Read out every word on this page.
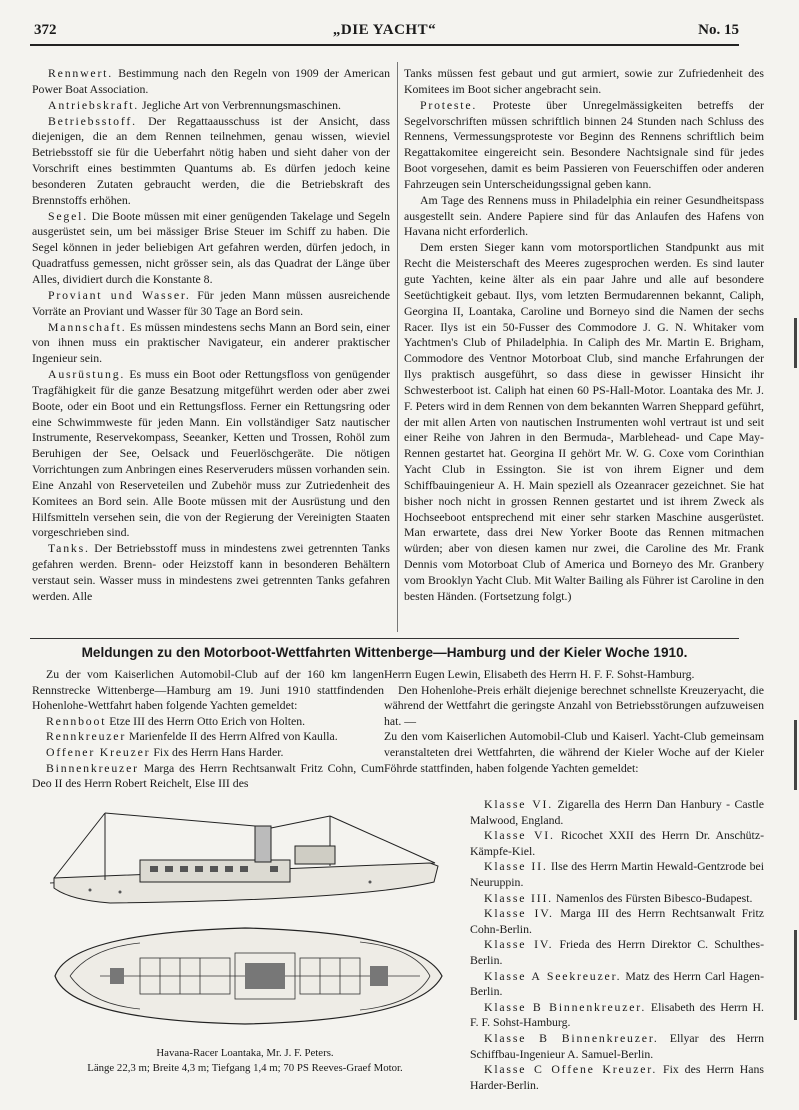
372	„DIE YACHT“	No. 15

Rennwert. Bestimmung nach den Regeln von 1909 der American Power Boat Association.

Antriebskraft. Jegliche Art von Verbrennungsmaschinen.

Betriebsstoff. Der Regattaausschuss ist der Ansicht, dass diejenigen, die an dem Rennen teilnehmen, genau wissen, wieviel Betriebsstoff sie für die Ueberfahrt nötig haben und sieht daher von der Vorschrift eines bestimmten Quantums ab. Es dürfen jedoch keine besonderen Zutaten gebraucht werden, die die Betriebskraft des Brennstoffs erhöhen.

Segel. Die Boote müssen mit einer genügenden Takelage und Segeln ausgerüstet sein, um bei mässiger Brise Steuer im Schiff zu haben. Die Segel können in jeder beliebigen Art gefahren werden, dürfen jedoch, in Quadratfuss gemessen, nicht grösser sein, als das Quadrat der Länge über Alles, dividiert durch die Konstante 8.

Proviant und Wasser. Für jeden Mann müssen ausreichende Vorräte an Proviant und Wasser für 30 Tage an Bord sein.

Mannschaft. Es müssen mindestens sechs Mann an Bord sein, einer von ihnen muss ein praktischer Navigateur, ein anderer praktischer Ingenieur sein.

Ausrüstung. Es muss ein Boot oder Rettungsfloss von genügender Tragfähigkeit für die ganze Besatzung mitgeführt werden oder aber zwei Boote, oder ein Boot und ein Rettungsfloss. Ferner ein Rettungsring oder eine Schwimmweste für jeden Mann. Ein vollständiger Satz nautischer Instrumente, Reservekompass, Seeanker, Ketten und Trossen, Rohöl zum Beruhigen der See, Oelsack und Feuerlöschgeräte. Die nötigen Vorrichtungen zum Anbringen eines Reserveruders müssen vorhanden sein. Eine Anzahl von Reserveteilen und Zubehör muss zur Zutriedenheit des Komitees an Bord sein. Alle Boote müssen mit der Ausrüstung und den Hilfsmitteln versehen sein, die von der Regierung der Vereinigten Staaten vorgeschrieben sind.

Tanks. Der Betriebsstoff muss in mindestens zwei getrennten Tanks gefahren werden. Brenn- oder Heizstoff kann in besonderen Behältern verstaut sein. Wasser muss in mindestens zwei getrennten Tanks gefahren werden. Alle

Tanks müssen fest gebaut und gut armiert, sowie zur Zufriedenheit des Komitees im Boot sicher angebracht sein.

Proteste. Proteste über Unregelmässigkeiten betreffs der Segelvorschriften müssen schriftlich binnen 24 Stunden nach Schluss des Rennens, Vermessungsproteste vor Beginn des Rennens schriftlich beim Regattakomitee eingereicht sein. Besondere Nachtsignale sind für jedes Boot vorgesehen, damit es beim Passieren von Feuerschiffen oder anderen Fahrzeugen sein Unterscheidungssignal geben kann.

Am Tage des Rennens muss in Philadelphia ein reiner Gesundheitspass ausgestellt sein. Andere Papiere sind für das Anlaufen des Hafens von Havana nicht erforderlich.

Dem ersten Sieger kann vom motorsportlichen Standpunkt aus mit Recht die Meisterschaft des Meeres zugesprochen werden. Es sind lauter gute Yachten, keine älter als ein paar Jahre und alle auf besondere Seetüchtigkeit gebaut. Ilys, vom letzten Bermudarennen bekannt, Caliph, Georgina II, Loantaka, Caroline und Borneyo sind die Namen der sechs Racer. Ilys ist ein 50-Fusser des Commodore J. G. N. Whitaker vom Yachtmen's Club of Philadelphia. In Caliph des Mr. Martin E. Brigham, Commodore des Ventnor Motorboat Club, sind manche Erfahrungen der Ilys praktisch ausgeführt, so dass diese in gewisser Hinsicht ihr Schwesterboot ist. Caliph hat einen 60 PS-Hall-Motor. Loantaka des Mr. J. F. Peters wird in dem Rennen von dem bekannten Warren Sheppard geführt, der mit allen Arten von nautischen Instrumenten wohl vertraut ist und seit einer Reihe von Jahren in den Bermuda-, Marblehead- und Cape May-Rennen gestartet hat. Georgina II gehört Mr. W. G. Coxe vom Corinthian Yacht Club in Essington. Sie ist von ihrem Eigner und dem Schiffbauingenieur A. H. Main speziell als Ozeanracer gezeichnet. Sie hat bisher noch nicht in grossen Rennen gestartet und ist ihrem Zweck als Hochseeboot entsprechend mit einer sehr starken Maschine ausgerüstet. Man erwartete, dass drei New Yorker Boote das Rennen mitmachen würden; aber von diesen kamen nur zwei, die Caroline des Mr. Frank Dennis vom Motorboat Club of America und Borneyo des Mr. Granbery vom Brooklyn Yacht Club. Mit Walter Bailing als Führer ist Caroline in den besten Händen. (Fortsetzung folgt.)

Meldungen zu den Motorboot-Wettfahrten Wittenberge—Hamburg und der Kieler Woche 1910.

Zu der vom Kaiserlichen Automobil-Club auf der 160 km langen Rennstrecke Wittenberge—Hamburg am 19. Juni 1910 stattfindenden Hohenlohe-Wettfahrt haben folgende Yachten gemeldet:

Rennboot Etze III des Herrn Otto Erich von Holten.

Rennkreuzer Marienfelde II des Herrn Alfred von Kaulla.

Offener Kreuzer Fix des Herrn Hans Harder.

Binnenkreuzer Marga des Herrn Rechtsanwalt Fritz Cohn, Cum Deo II des Herrn Robert Reichelt, Else III des

Herrn Eugen Lewin, Elisabeth des Herrn H. F. F. Sohst-Hamburg.

Den Hohenlohe-Preis erhält diejenige berechnet schnellste Kreuzeryacht, die während der Wettfahrt die geringste Anzahl von Betriebsstörungen aufzuweisen hat. —

Zu den vom Kaiserlichen Automobil-Club und Kaiserl. Yacht-Club gemeinsam veranstalteten drei Wettfahrten, die während der Kieler Woche auf der Kieler Föhrde stattfinden, haben folgende Yachten gemeldet:

Klasse VI. Zigarella des Herrn Dan Hanbury - Castle Malwood, England.

Klasse VI. Ricochet XXII des Herrn Dr. Anschütz-Kämpfe-Kiel.

Klasse II. Ilse des Herrn Martin Hewald-Gentzrode bei Neuruppin.

Klasse III. Namenlos des Fürsten Bibesco-Budapest.

Klasse IV. Marga III des Herrn Rechtsanwalt Fritz Cohn-Berlin.

Klasse IV. Frieda des Herrn Direktor C. Schulthes-Berlin.

Klasse A Seekreuzer. Matz des Herrn Carl Hagen-Berlin.

Klasse B Binnenkreuzer. Elisabeth des Herrn H. F. F. Sohst-Hamburg.

Klasse B Binnenkreuzer. Ellyar des Herrn Schiffbau-Ingenieur A. Samuel-Berlin.

Klasse C Offene Kreuzer. Fix des Herrn Hans Harder-Berlin.

Havana-Racer Loantaka, Mr. J. F. Peters.
Länge 22,3 m; Breite 4,3 m; Tiefgang 1,4 m; 70 PS Reeves-Graef Motor.
